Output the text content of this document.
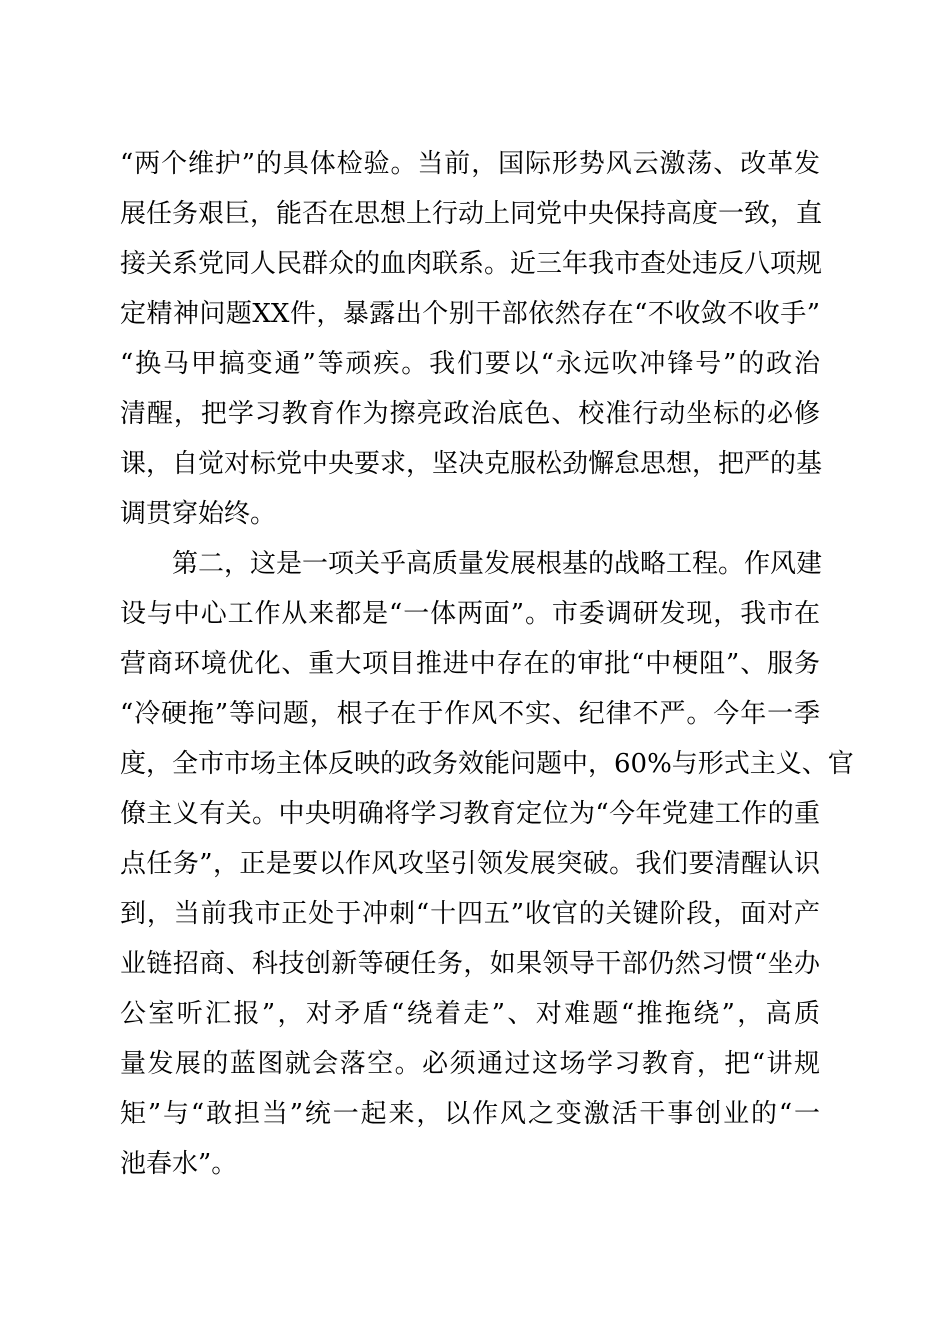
“两个维护”的具体检验。当前，国际形势风云激荡、改革发
展任务艰巨，能否在思想上行动上同党中央保持高度一致，直
接关系党同人民群众的血肉联系。近三年我市查处违反八项规
定精神问题XX件，暴露出个别干部依然存在“不收敛不收手”
“换马甲搞变通”等顽疾。我们要以“永远吹冲锋号”的政治
清醒，把学习教育作为擦亮政治底色、校准行动坐标的必修
课，自觉对标党中央要求，坚决克服松劲懈怠思想，把严的基
调贯穿始终。
第二，这是一项关乎高质量发展根基的战略工程。作风建
设与中心工作从来都是“一体两面”。市委调研发现，我市在
营商环境优化、重大项目推进中存在的审批“中梗阻”、服务
“冷硬拖”等问题，根子在于作风不实、纪律不严。今年一季
度，全市市场主体反映的政务效能问题中，60%与形式主义、官
僚主义有关。中央明确将学习教育定位为“今年党建工作的重
点任务”，正是要以作风攻坚引领发展突破。我们要清醒认识
到，当前我市正处于冲刺“十四五”收官的关键阶段，面对产
业链招商、科技创新等硬任务，如果领导干部仍然习惯“坐办
公室听汇报”，对矛盾“绕着走”、对难题“推拖绕”，高质
量发展的蓝图就会落空。必须通过这场学习教育，把“讲规
矩”与“敢担当”统一起来，以作风之变激活干事创业的“一
池春水”。
